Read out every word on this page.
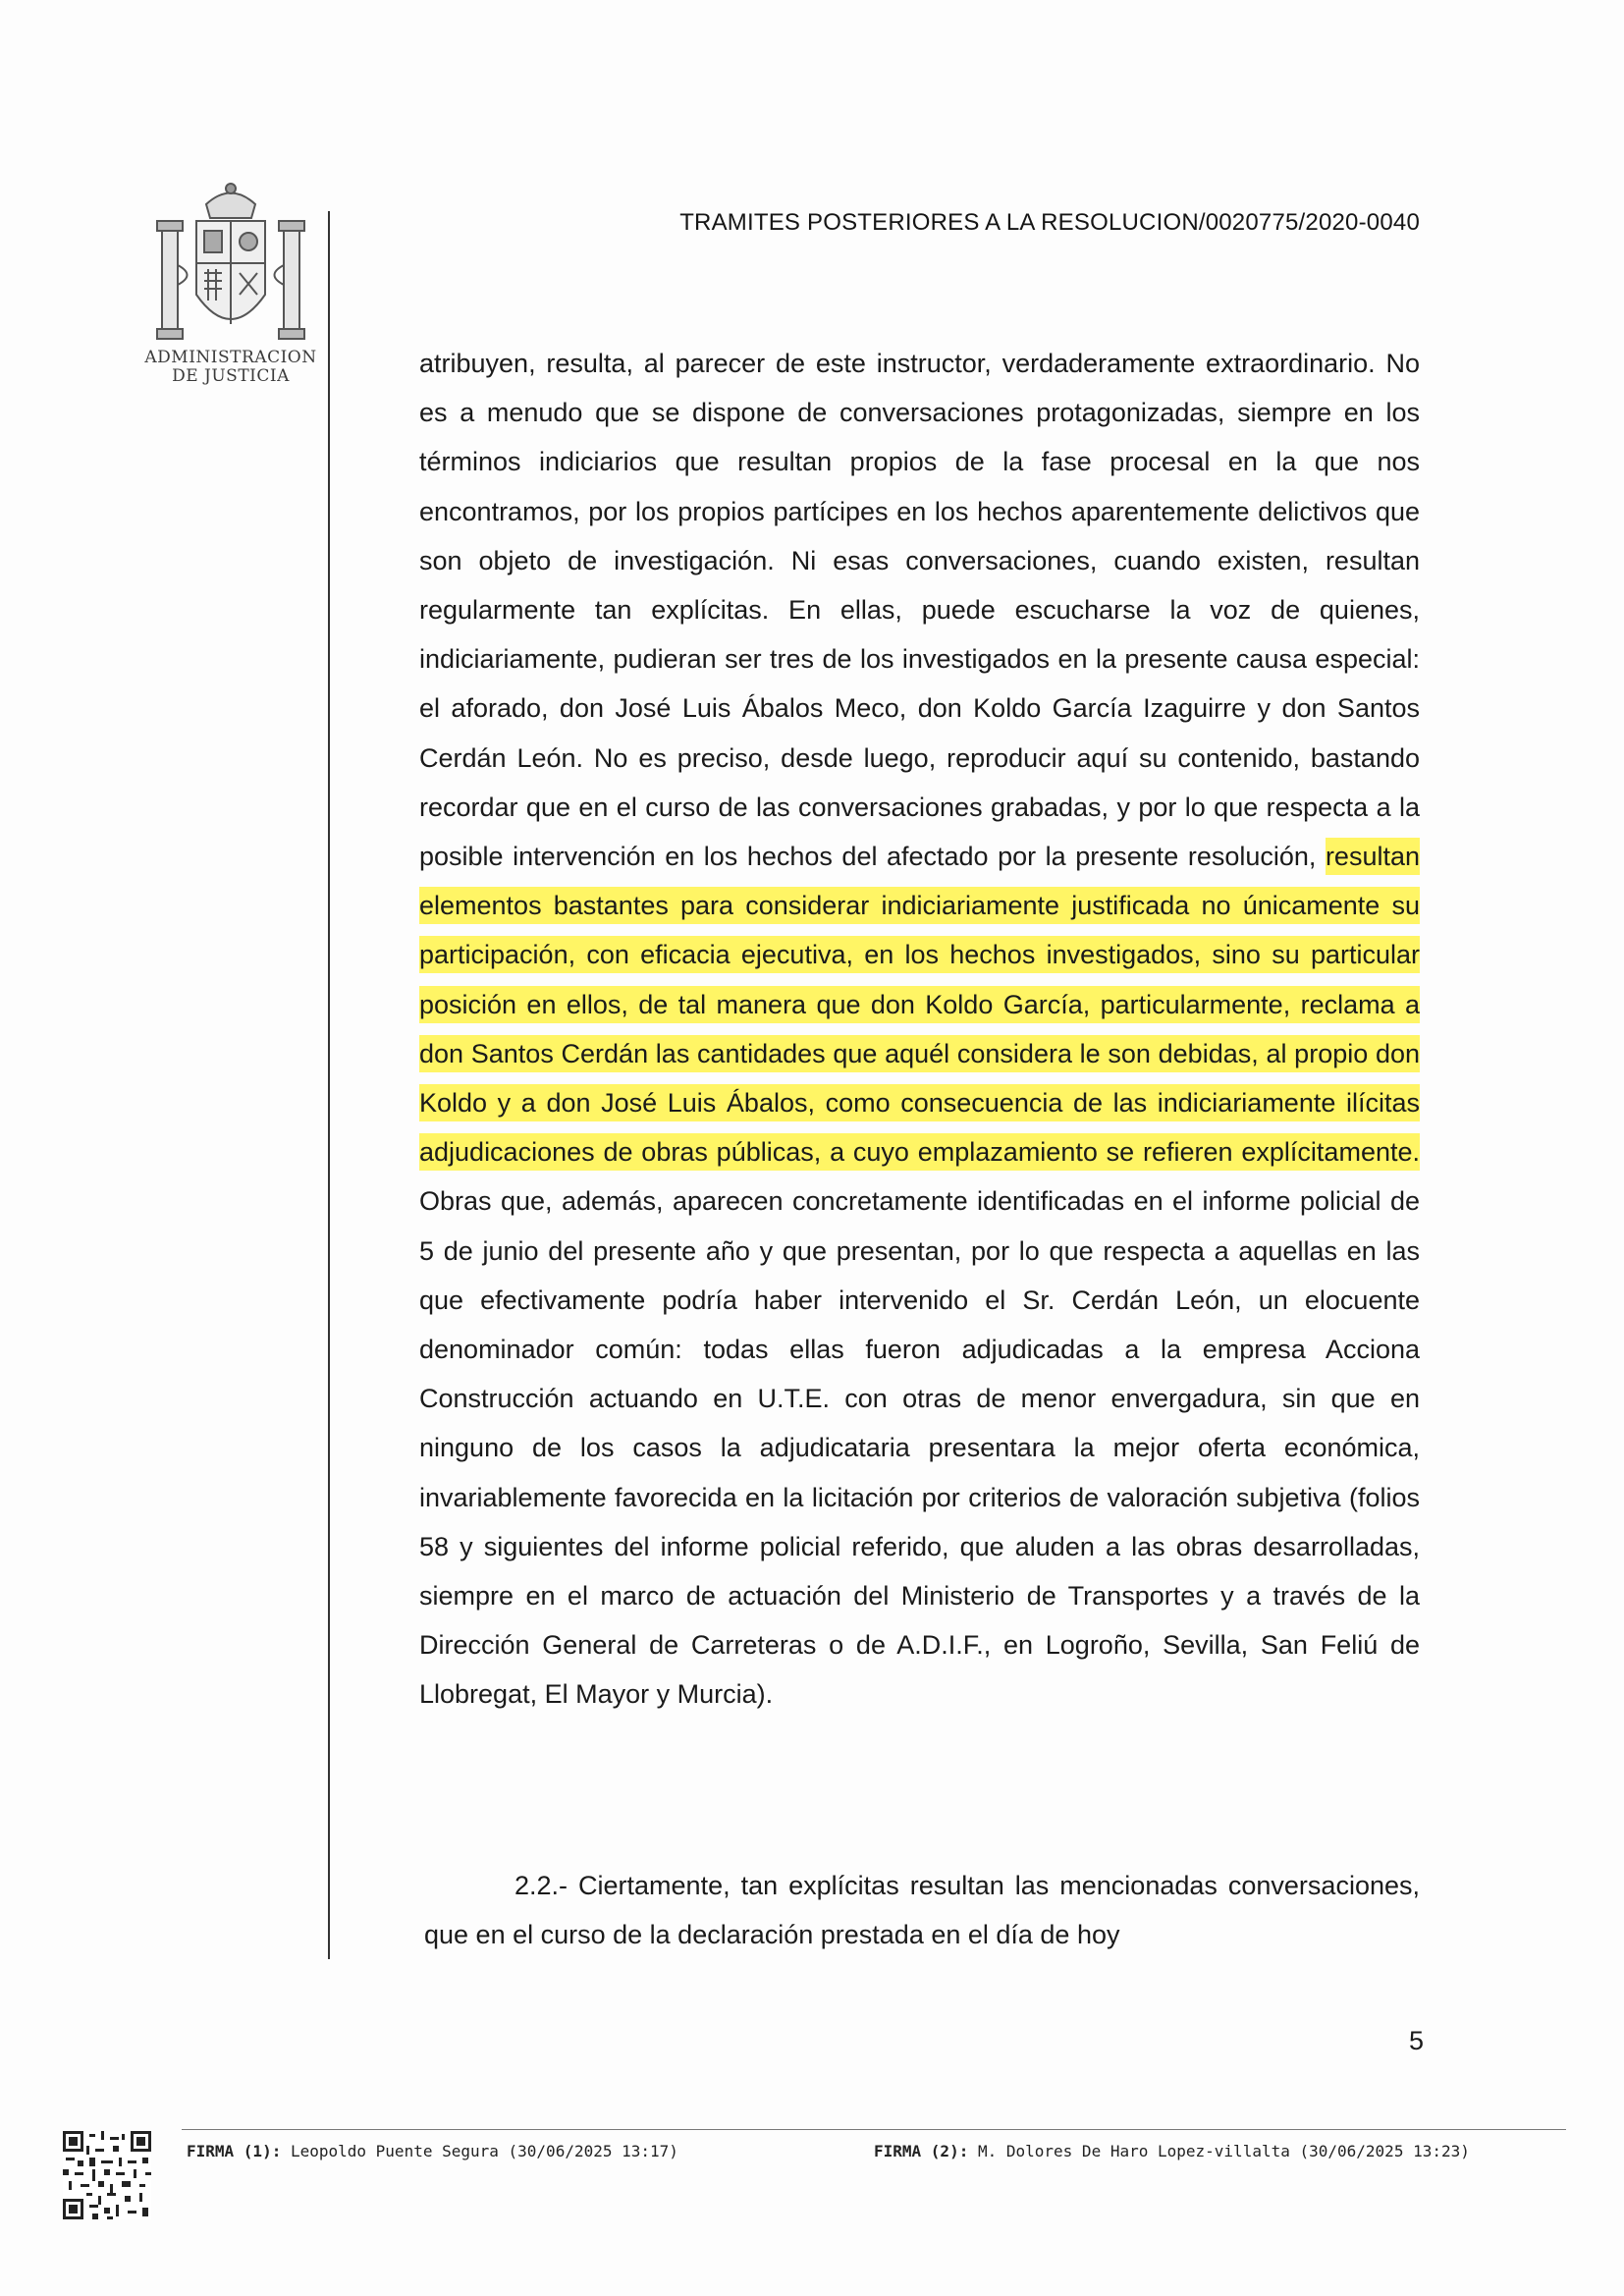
ADMINISTRACION
DE JUSTICIA
TRAMITES POSTERIORES A LA RESOLUCION/0020775/2020-0040

atribuyen, resulta, al parecer de este instructor, verdaderamente extraordinario. No es a menudo que se dispone de conversaciones protagonizadas, siempre en los términos indiciarios que resultan propios de la fase procesal en la que nos encontramos, por los propios partícipes en los hechos aparentemente delictivos que son objeto de investigación. Ni esas conversaciones, cuando existen, resultan regularmente tan explícitas. En ellas, puede escucharse la voz de quienes, indiciariamente, pudieran ser tres de los investigados en la presente causa especial: el aforado, don José Luis Ábalos Meco, don Koldo García Izaguirre y don Santos Cerdán León. No es preciso, desde luego, reproducir aquí su contenido, bastando recordar que en el curso de las conversaciones grabadas, y por lo que respecta a la posible intervención en los hechos del afectado por la presente resolución, resultan elementos bastantes para considerar indiciariamente justificada no únicamente su participación, con eficacia ejecutiva, en los hechos investigados, sino su particular posición en ellos, de tal manera que don Koldo García, particularmente, reclama a don Santos Cerdán las cantidades que aquél considera le son debidas, al propio don Koldo y a don José Luis Ábalos, como consecuencia de las indiciariamente ilícitas adjudicaciones de obras públicas, a cuyo emplazamiento se refieren explícitamente. Obras que, además, aparecen concretamente identificadas en el informe policial de 5 de junio del presente año y que presentan, por lo que respecta a aquellas en las que efectivamente podría haber intervenido el Sr. Cerdán León, un elocuente denominador común: todas ellas fueron adjudicadas a la empresa Acciona Construcción actuando en U.T.E. con otras de menor envergadura, sin que en ninguno de los casos la adjudicataria presentara la mejor oferta económica, invariablemente favorecida en la licitación por criterios de valoración subjetiva (folios 58 y siguientes del informe policial referido, que aluden a las obras desarrolladas, siempre en el marco de actuación del Ministerio de Transportes y a través de la Dirección General de Carreteras o de A.D.I.F., en Logroño, Sevilla, San Feliú de Llobregat, El Mayor y Murcia).

2.2.- Ciertamente, tan explícitas resultan las mencionadas conversaciones, que en el curso de la declaración prestada en el día de hoy

5
FIRMA (1): Leopoldo Puente Segura (30/06/2025 13:17)	FIRMA (2): M. Dolores De Haro Lopez-villalta (30/06/2025 13:23)
